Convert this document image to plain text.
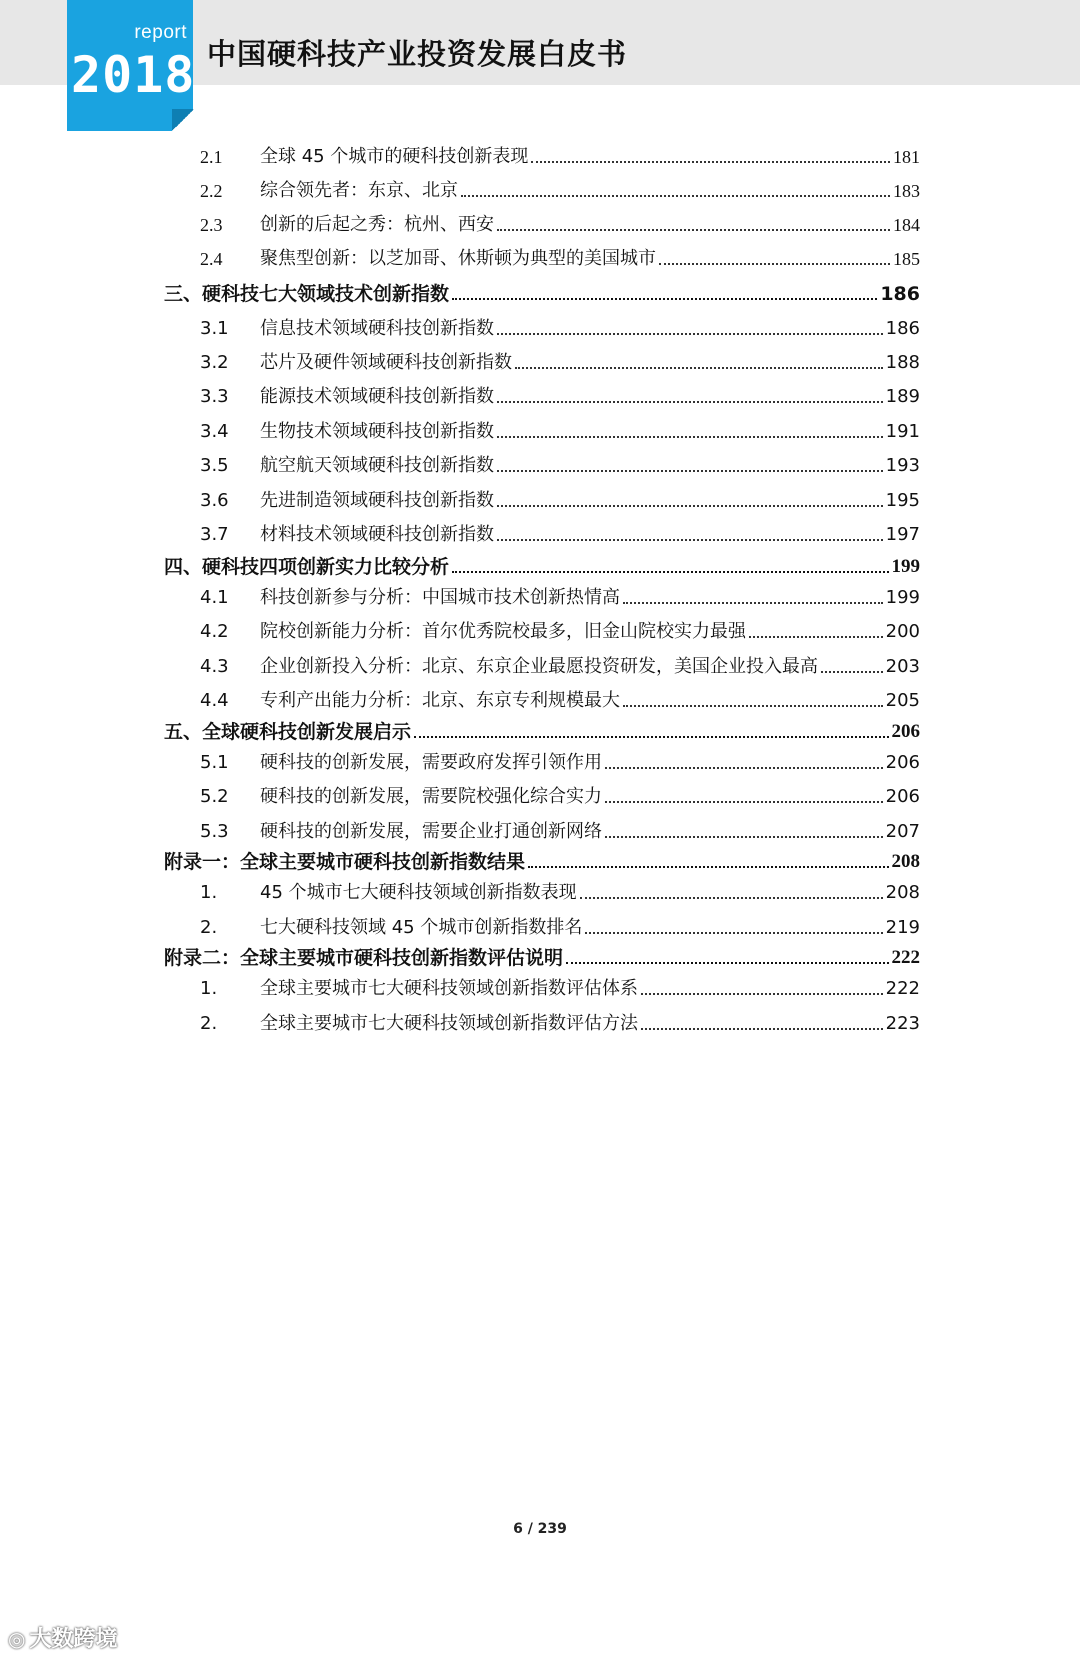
report
2018 中国硬科技产业投资发展白皮书
2.1	全球 45 个城市的硬科技创新表现	181
2.2	综合领先者：东京、北京	183
2.3	创新的后起之秀：杭州、西安	184
2.4	聚焦型创新：以芝加哥、休斯顿为典型的美国城市	185
三、硬科技七大领域技术创新指数	186
3.1	信息技术领域硬科技创新指数	186
3.2	芯片及硬件领域硬科技创新指数	188
3.3	能源技术领域硬科技创新指数	189
3.4	生物技术领域硬科技创新指数	191
3.5	航空航天领域硬科技创新指数	193
3.6	先进制造领域硬科技创新指数	195
3.7	材料技术领域硬科技创新指数	197
四、硬科技四项创新实力比较分析	199
4.1	科技创新参与分析：中国城市技术创新热情高	199
4.2	院校创新能力分析：首尔优秀院校最多，旧金山院校实力最强	200
4.3	企业创新投入分析：北京、东京企业最愿投资研发，美国企业投入最高	203
4.4	专利产出能力分析：北京、东京专利规模最大	205
五、全球硬科技创新发展启示	206
5.1	硬科技的创新发展，需要政府发挥引领作用	206
5.2	硬科技的创新发展，需要院校强化综合实力	206
5.3	硬科技的创新发展，需要企业打通创新网络	207
附录一：全球主要城市硬科技创新指数结果	208
1.	45 个城市七大硬科技领域创新指数表现	208
2.	七大硬科技领域 45 个城市创新指数排名	219
附录二：全球主要城市硬科技创新指数评估说明	222
1.	全球主要城市七大硬科技领域创新指数评估体系	222
2.	全球主要城市七大硬科技领域创新指数评估方法	223
6 / 239
◎ 大数跨境
